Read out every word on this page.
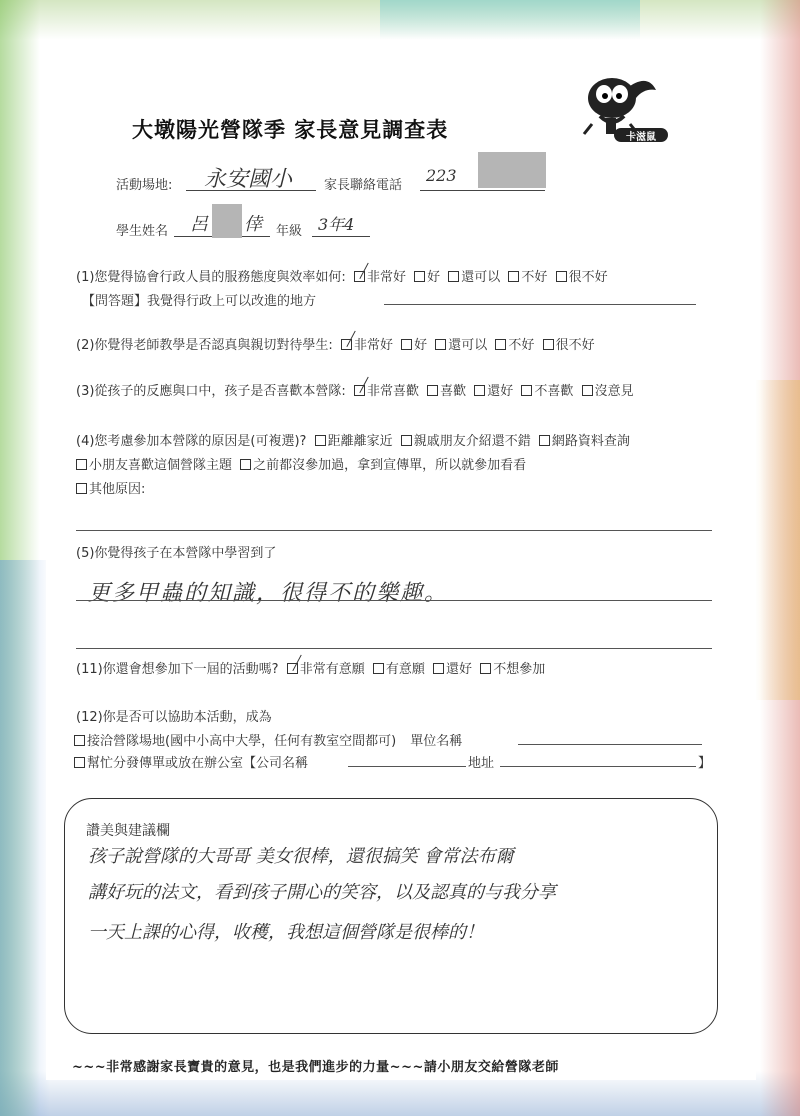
大墩陽光營隊季 家長意見調查表	卡滋鼠
活動場地: 永安國小 家長聯絡電話
223
學生姓名 呂 倖 年級 3年4
(1)您覺得協會行政人員的服務態度與效率如何: 非常好 好 還可以 不好 很不好
【問答題】我覺得行政上可以改進的地方
(2)你覺得老師教學是否認真與親切對待學生: 非常好 好 還可以 不好 很不好
(3)從孩子的反應與口中，孩子是否喜歡本營隊: 非常喜歡 喜歡 還好 不喜歡 沒意見
(4)您考慮參加本營隊的原因是(可複選)? 距離離家近 親戚朋友介紹還不錯 網路資料查詢
小朋友喜歡這個營隊主題 之前都沒參加過，拿到宣傳單，所以就參加看看
其他原因:
(5)你覺得孩子在本營隊中學習到了
更多甲蟲的知識，很得不的樂趣。
(11)你還會想參加下一屆的活動嗎? 非常有意願 有意願 還好 不想參加
(12)你是否可以協助本活動，成為
接洽營隊場地(國中小高中大學，任何有教室空間都可) 單位名稱
幫忙分發傳單或放在辦公室【公司名稱	地址	】
讚美與建議欄
孩子說營隊的大哥哥 美女很棒，還很搞笑 會常法布爾
講好玩的法文，看到孩子開心的笑容，以及認真的与我分享
一天上課的心得，收穫，我想這個營隊是很棒的！
~~~非常感謝家長寶貴的意見，也是我們進步的力量~~~請小朋友交給營隊老師
